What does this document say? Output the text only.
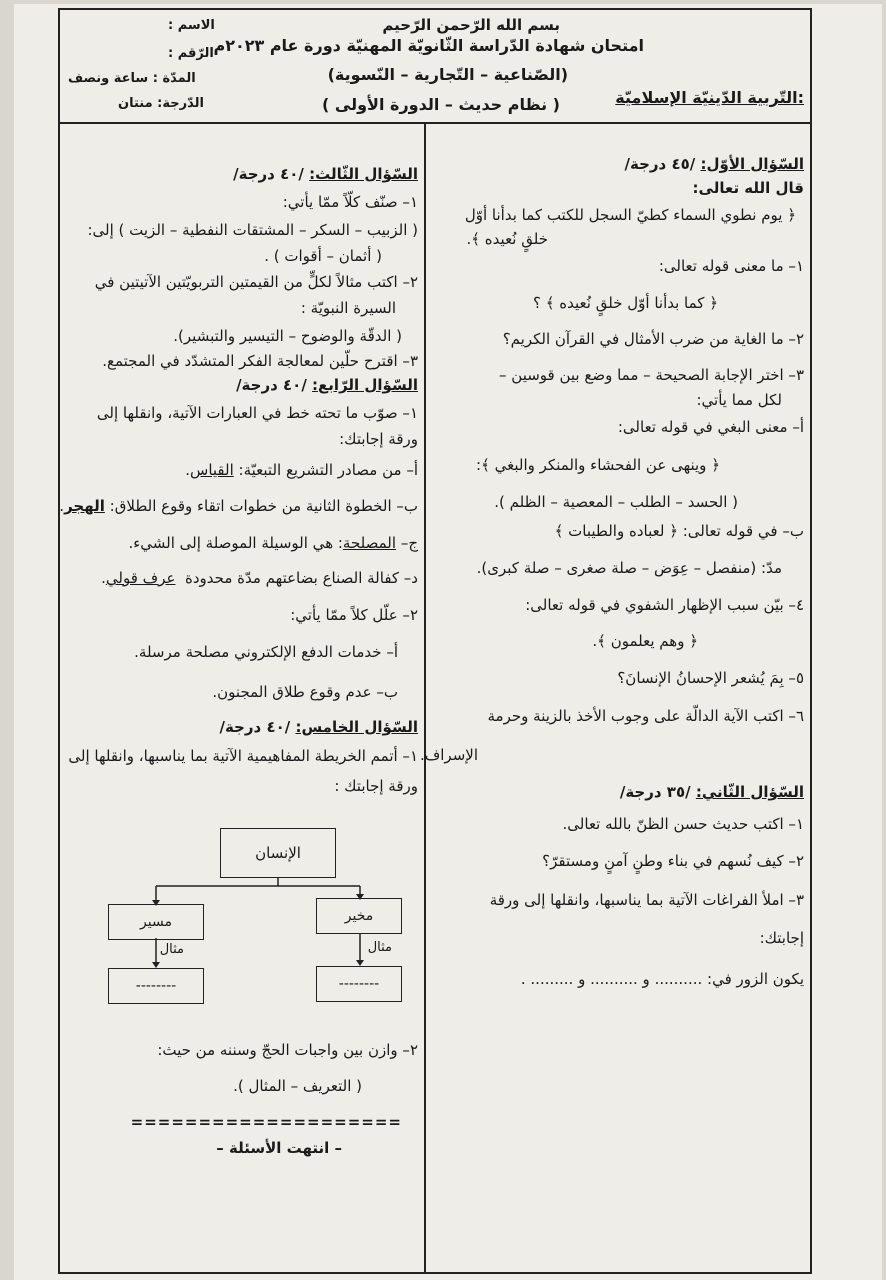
بسم الله الرّحمن الرّحيم
امتحان شهادة الدّراسة الثّانويّة المهنيّة دورة عام ٢٠٢٣م
(الصّناعية – التّجارية – النّسوية)
( نظام حديث – الدورة الأولى )	التّربية الدّينيّة الإسلاميّة:
الاسم :
الرّقم :
المدّة : ساعة ونصف
الدّرجة: منتان
السّؤال الأوّل: /٤٥ درجة/
قال الله تعالى:
﴿ يوم نطوي السماء كطيّ السجل للكتب كما بدأنا أوّل
خلقٍ نُعيده ﴾.
١– ما معنى قوله تعالى:
﴿ كما بدأنا أوّل خلقٍ نُعيده ﴾ ؟
٢– ما الغاية من ضرب الأمثال في القرآن الكريم؟
٣– اختر الإجابة الصحيحة – مما وضع بين قوسين –
لكل مما يأتي:
أ– معنى البغي في قوله تعالى:
﴿ وينهى عن الفحشاء والمنكر والبغي ﴾:
( الحسد – الطلب – المعصية – الظلم ).
ب– في قوله تعالى: ﴿ لعباده والطيبات ﴾
مدّ: (منفصل – عِوَض – صلة صغرى – صلة كبرى).
٤– بيّن سبب الإظهار الشفوي في قوله تعالى:
﴿ وهم يعلمون ﴾.
٥– بِمَ يُشعر الإحسانُ الإنسانَ؟
٦– اكتب الآية الدالّة على وجوب الأخذ بالزينة وحرمة
الإسراف.
السّؤال الثّاني: /٣٥ درجة/
١– اكتب حديث حسن الظنّ بالله تعالى.
٢– كيف نُسهم في بناء وطنٍ آمنٍ ومستقرّ؟
٣– املأ الفراغات الآتية بما يناسبها، وانقلها إلى ورقة
إجابتك:
يكون الزور في: .......... و .......... و ......... .
السّؤال الثّالث: /٤٠ درجة/
١– صنّف كلّاً ممّا يأتي:
( الزبيب – السكر – المشتقات النفطية – الزيت ) إلى:
( أثمان – أقوات ) .
٢– اكتب مثالاً لكلٍّ من القيمتين التربويّتين الآتيتين في
السيرة النبويّة :
( الدقّة والوضوح – التيسير والتبشير).
٣– اقترح حلّين لمعالجة الفكر المتشدّد في المجتمع.
السّؤال الرّابع: /٤٠ درجة/
١– صوّب ما تحته خط في العبارات الآتية، وانقلها إلى
ورقة إجابتك:
أ– من مصادر التشريع التبعيّة: القياس.
ب– الخطوة الثانية من خطوات اتقاء وقوع الطلاق: الهجر.
ج– المصلحة: هي الوسيلة الموصلة إلى الشيء.
د– كفالة الصناع بضاعتهم مدّة محدودة  عرف قولي.
٢– علّل كلاً ممّا يأتي:
أ– خدمات الدفع الإلكتروني مصلحة مرسلة.
ب– عدم وقوع طلاق المجنون.
السّؤال الخامس: /٤٠ درجة/
١– أتمم الخريطة المفاهيمية الآتية بما يناسبها، وانقلها إلى
ورقة إجابتك :
الإنسان
مسير	مخير
مثال	مثال
--------	--------
٢– وازن بين واجبات الحجّ وسننه من حيث:
( التعريف – المثال ).
====================
– انتهت الأسئلة –
